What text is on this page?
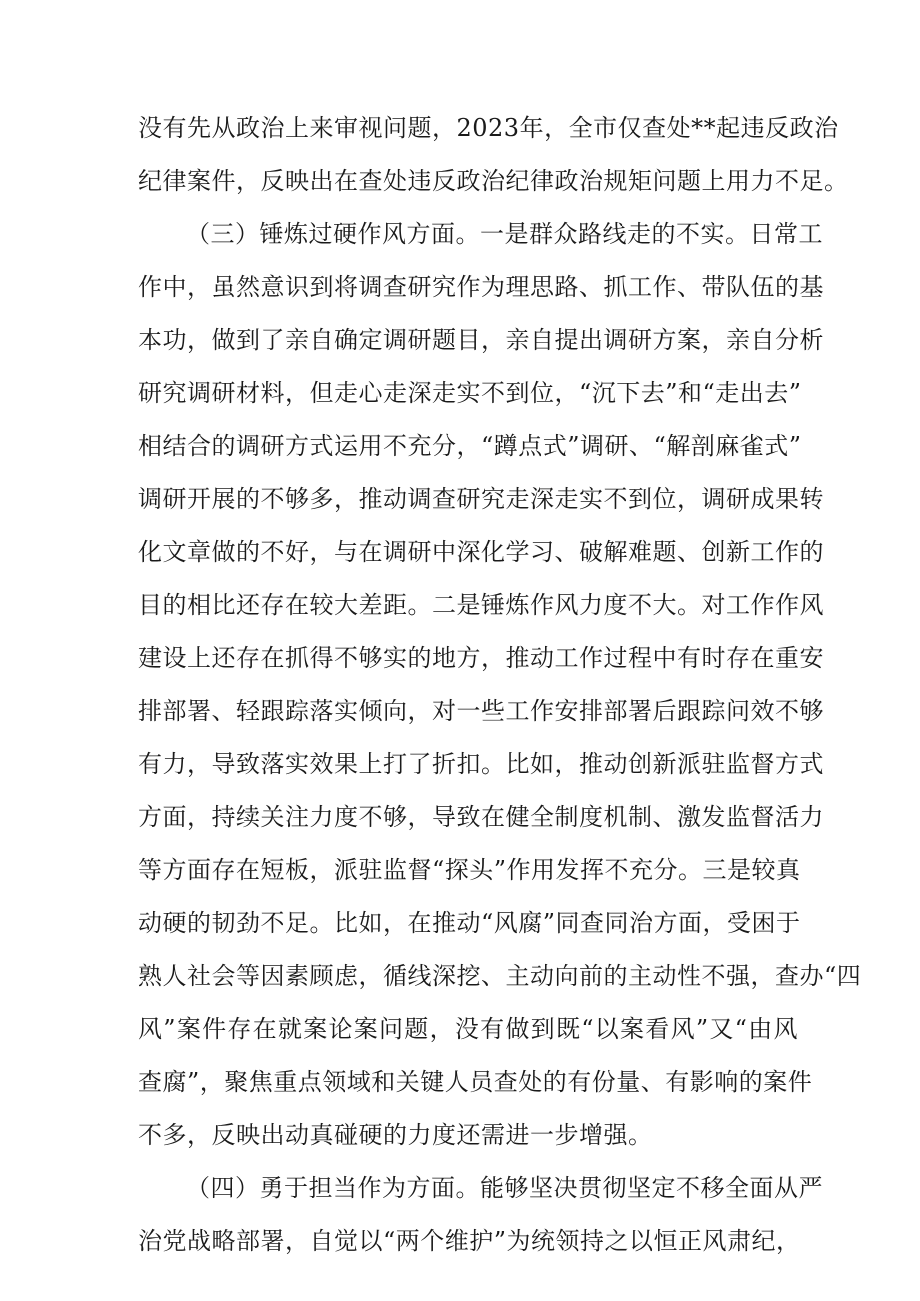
没有先从政治上来审视问题，2023年，全市仅查处**起违反政治
纪律案件，反映出在查处违反政治纪律政治规矩问题上用力不足。
（三）锤炼过硬作风方面。一是群众路线走的不实。日常工
作中，虽然意识到将调查研究作为理思路、抓工作、带队伍的基
本功，做到了亲自确定调研题目，亲自提出调研方案，亲自分析
研究调研材料，但走心走深走实不到位，“沉下去”和“走出去”
相结合的调研方式运用不充分，“蹲点式”调研、“解剖麻雀式”
调研开展的不够多，推动调查研究走深走实不到位，调研成果转
化文章做的不好，与在调研中深化学习、破解难题、创新工作的
目的相比还存在较大差距。二是锤炼作风力度不大。对工作作风
建设上还存在抓得不够实的地方，推动工作过程中有时存在重安
排部署、轻跟踪落实倾向，对一些工作安排部署后跟踪问效不够
有力，导致落实效果上打了折扣。比如，推动创新派驻监督方式
方面，持续关注力度不够，导致在健全制度机制、激发监督活力
等方面存在短板，派驻监督“探头”作用发挥不充分。三是较真
动硬的韧劲不足。比如，在推动“风腐”同查同治方面，受困于
熟人社会等因素顾虑，循线深挖、主动向前的主动性不强，查办“四
风”案件存在就案论案问题，没有做到既“以案看风”又“由风
查腐”，聚焦重点领域和关键人员查处的有份量、有影响的案件
不多，反映出动真碰硬的力度还需进一步增强。
（四）勇于担当作为方面。能够坚决贯彻坚定不移全面从严
治党战略部署，自觉以“两个维护”为统领持之以恒正风肃纪，
